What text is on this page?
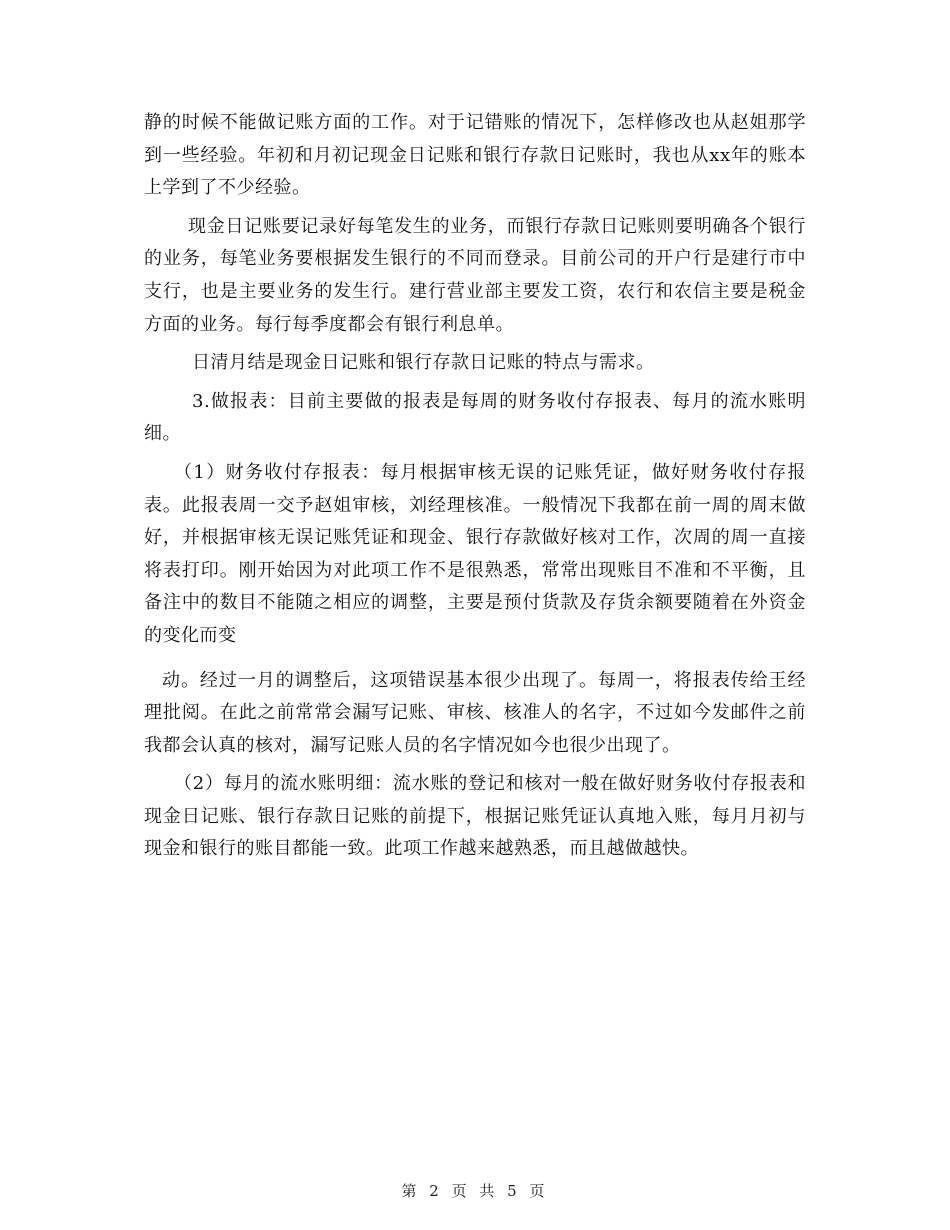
静的时候不能做记账方面的工作。对于记错账的情况下，怎样修改也从赵姐那学到一些经验。年初和月初记现金日记账和银行存款日记账时，我也从xx年的账本上学到了不少经验。

现金日记账要记录好每笔发生的业务，而银行存款日记账则要明确各个银行的业务，每笔业务要根据发生银行的不同而登录。目前公司的开户行是建行市中支行，也是主要业务的发生行。建行营业部主要发工资，农行和农信主要是税金方面的业务。每行每季度都会有银行利息单。

日清月结是现金日记账和银行存款日记账的特点与需求。

3.做报表：目前主要做的报表是每周的财务收付存报表、每月的流水账明细。

（1）财务收付存报表：每月根据审核无误的记账凭证，做好财务收付存报表。此报表周一交予赵姐审核，刘经理核准。一般情况下我都在前一周的周末做好，并根据审核无误记账凭证和现金、银行存款做好核对工作，次周的周一直接将表打印。刚开始因为对此项工作不是很熟悉，常常出现账目不准和不平衡，且备注中的数目不能随之相应的调整，主要是预付货款及存货余额要随着在外资金的变化而变

动。经过一月的调整后，这项错误基本很少出现了。每周一，将报表传给王经理批阅。在此之前常常会漏写记账、审核、核准人的名字，不过如今发邮件之前我都会认真的核对，漏写记账人员的名字情况如今也很少出现了。

（2）每月的流水账明细：流水账的登记和核对一般在做好财务收付存报表和现金日记账、银行存款日记账的前提下，根据记账凭证认真地入账，每月月初与现金和银行的账目都能一致。此项工作越来越熟悉，而且越做越快。

第 2 页 共 5 页
